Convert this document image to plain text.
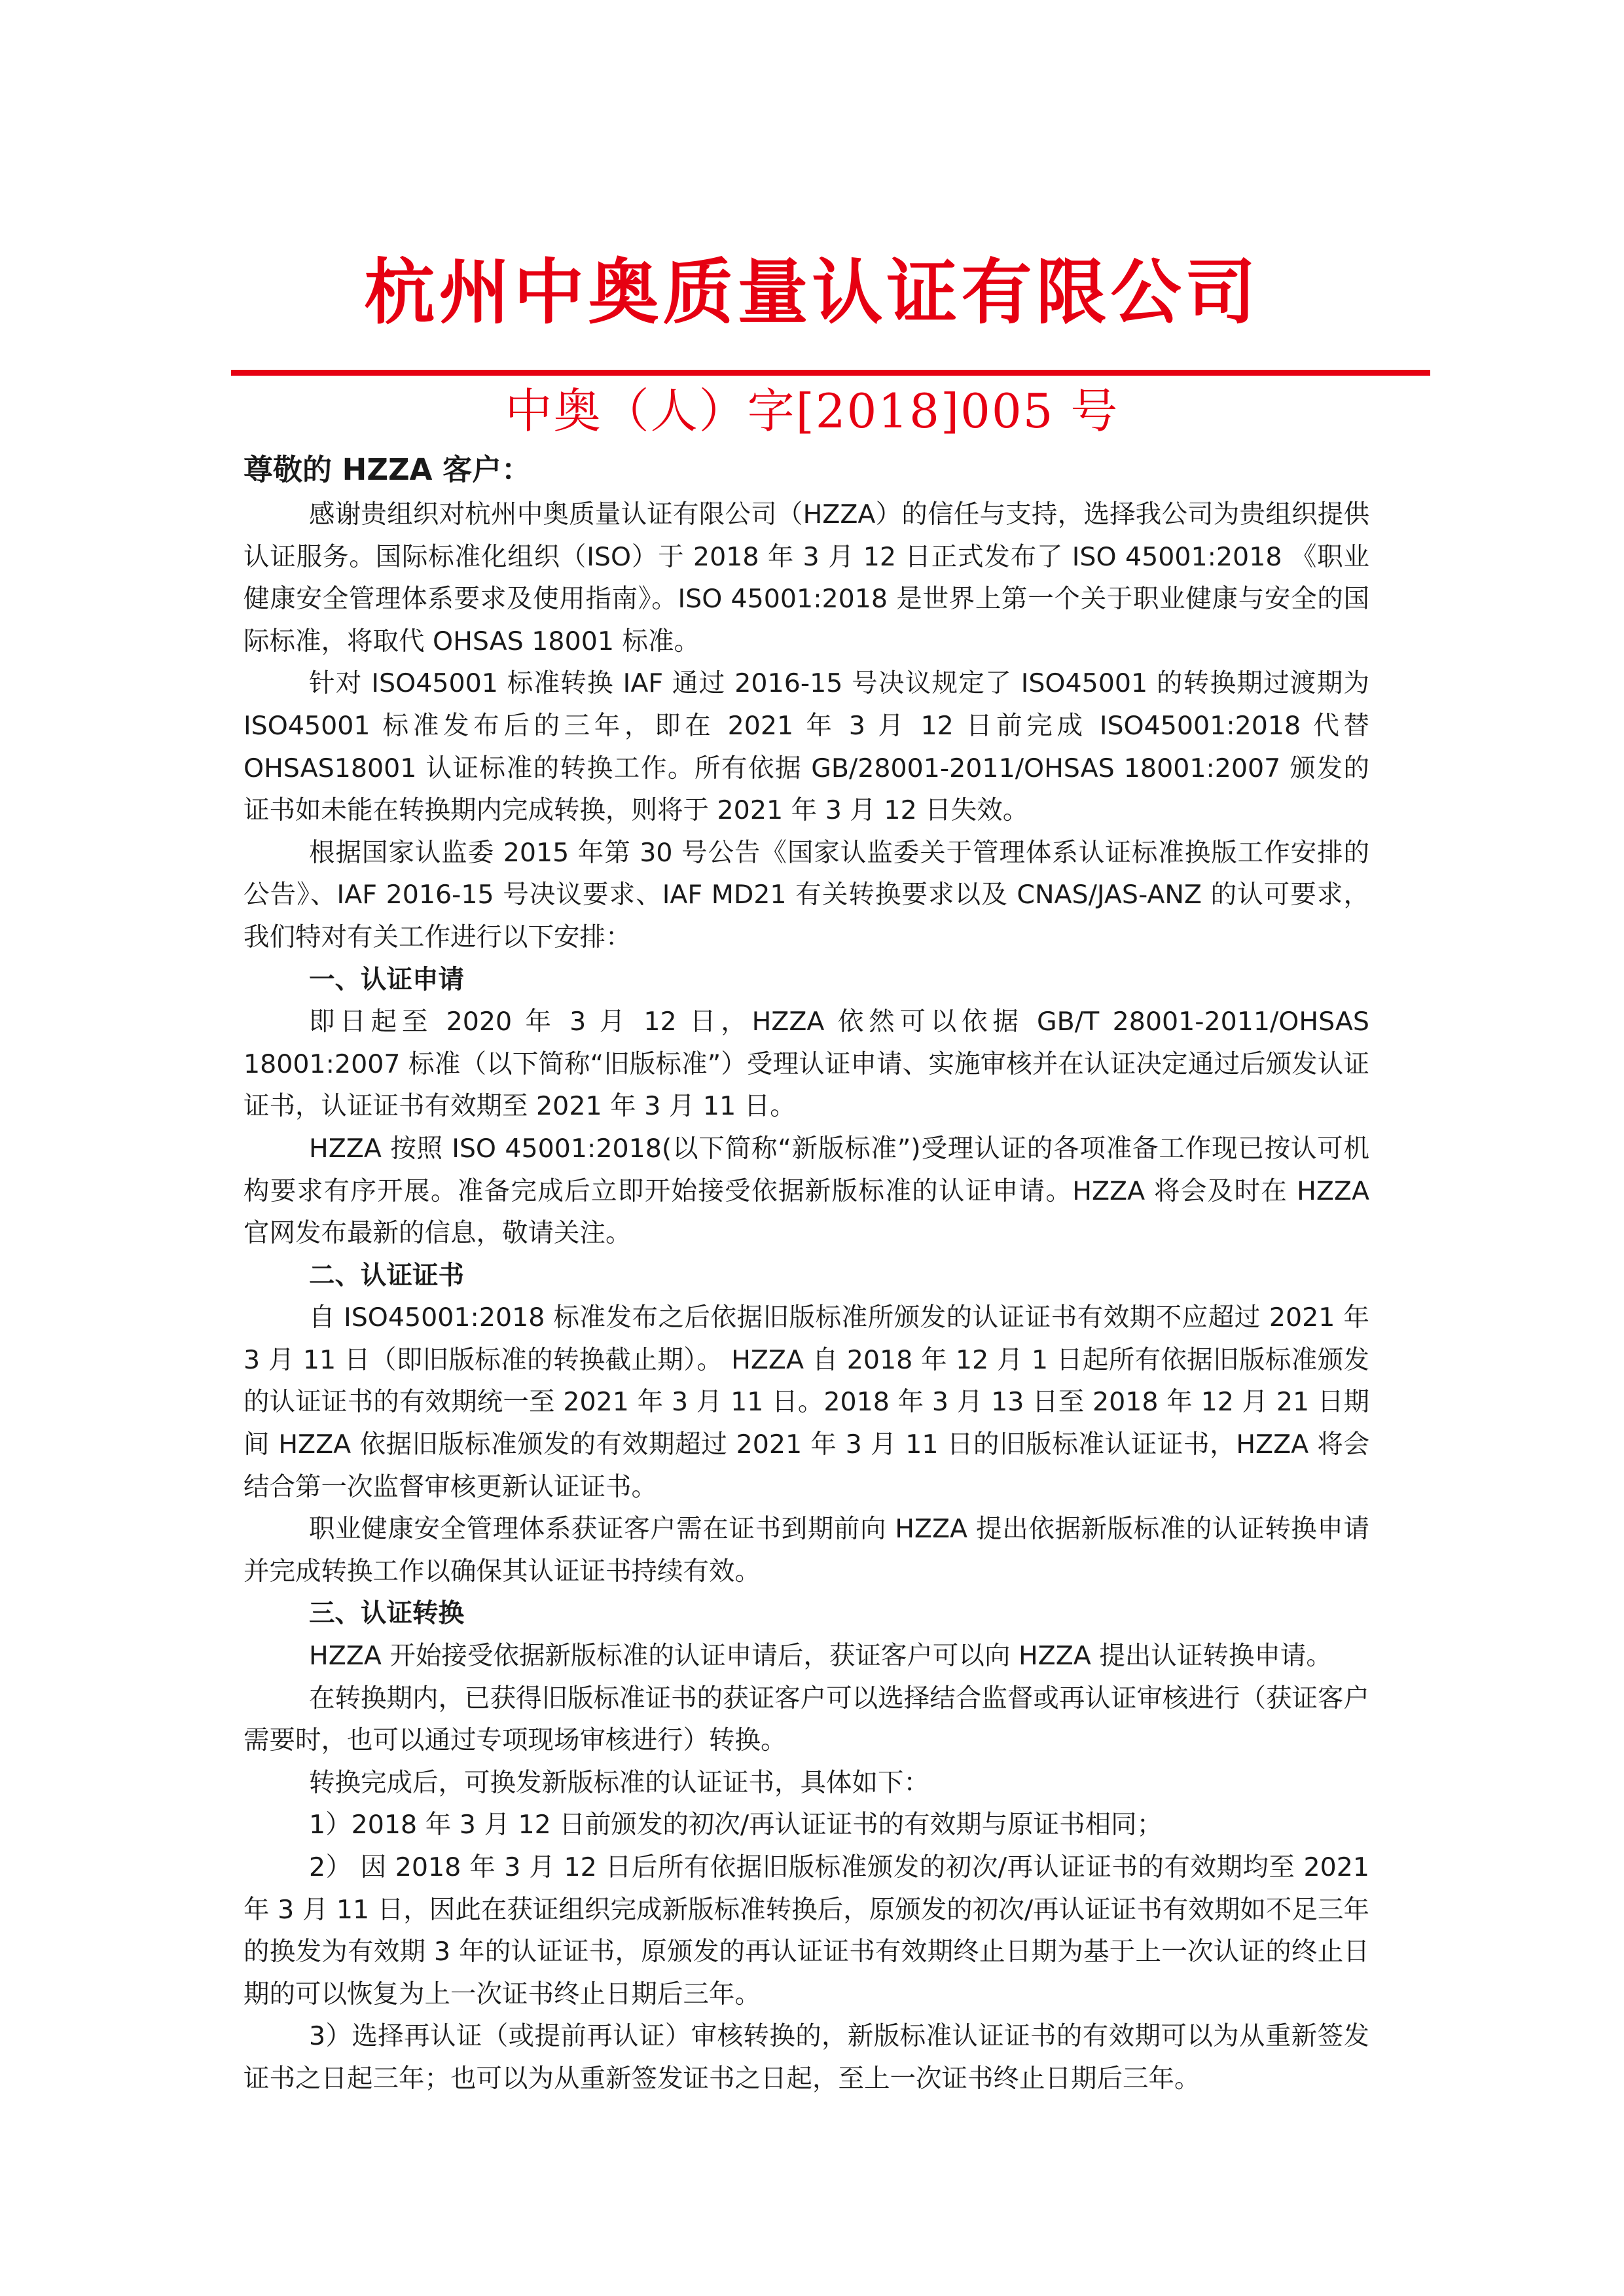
杭州中奥质量认证有限公司
中奥（人）字[2018]005 号

尊敬的 HZZA 客户：

感谢贵组织对杭州中奥质量认证有限公司（HZZA）的信任与支持，选择我公司为贵组织提供认证服务。国际标准化组织（ISO）于 2018 年 3 月 12 日正式发布了 ISO 45001:2018 《职业健康安全管理体系要求及使用指南》。ISO 45001:2018 是世界上第一个关于职业健康与安全的国际标准，将取代 OHSAS 18001 标准。

针对 ISO45001 标准转换 IAF 通过 2016-15 号决议规定了 ISO45001 的转换期过渡期为 ISO45001 标准发布后的三年，即在 2021 年 3 月 12 日前完成 ISO45001:2018 代替 OHSAS18001 认证标准的转换工作。所有依据 GB/28001-2011/OHSAS 18001:2007 颁发的证书如未能在转换期内完成转换，则将于 2021 年 3 月 12 日失效。

根据国家认监委 2015 年第 30 号公告《国家认监委关于管理体系认证标准换版工作安排的公告》、IAF 2016-15 号决议要求、IAF MD21 有关转换要求以及 CNAS/JAS-ANZ 的认可要求，我们特对有关工作进行以下安排：

一、认证申请

即日起至 2020 年 3 月 12 日，HZZA 依然可以依据 GB/T 28001-2011/OHSAS 18001:2007 标准（以下简称“旧版标准”）受理认证申请、实施审核并在认证决定通过后颁发认证证书，认证证书有效期至 2021 年 3 月 11 日。

HZZA 按照 ISO 45001:2018(以下简称“新版标准”)受理认证的各项准备工作现已按认可机构要求有序开展。准备完成后立即开始接受依据新版标准的认证申请。HZZA 将会及时在 HZZA 官网发布最新的信息，敬请关注。

二、认证证书

自 ISO45001:2018 标准发布之后依据旧版标准所颁发的认证证书有效期不应超过 2021 年 3 月 11 日（即旧版标准的转换截止期）。 HZZA 自 2018 年 12 月 1 日起所有依据旧版标准颁发的认证证书的有效期统一至 2021 年 3 月 11 日。2018 年 3 月 13 日至 2018 年 12 月 21 日期间 HZZA 依据旧版标准颁发的有效期超过 2021 年 3 月 11 日的旧版标准认证证书，HZZA 将会结合第一次监督审核更新认证证书。

职业健康安全管理体系获证客户需在证书到期前向 HZZA 提出依据新版标准的认证转换申请并完成转换工作以确保其认证证书持续有效。

三、认证转换

HZZA 开始接受依据新版标准的认证申请后，获证客户可以向 HZZA 提出认证转换申请。

在转换期内，已获得旧版标准证书的获证客户可以选择结合监督或再认证审核进行（获证客户需要时，也可以通过专项现场审核进行）转换。

转换完成后，可换发新版标准的认证证书，具体如下：

1）2018 年 3 月 12 日前颁发的初次/再认证证书的有效期与原证书相同；

2） 因 2018 年 3 月 12 日后所有依据旧版标准颁发的初次/再认证证书的有效期均至 2021 年 3 月 11 日，因此在获证组织完成新版标准转换后，原颁发的初次/再认证证书有效期如不足三年的换发为有效期 3 年的认证证书，原颁发的再认证证书有效期终止日期为基于上一次认证的终止日期的可以恢复为上一次证书终止日期后三年。

3）选择再认证（或提前再认证）审核转换的，新版标准认证证书的有效期可以为从重新签发证书之日起三年；也可以为从重新签发证书之日起，至上一次证书终止日期后三年。
